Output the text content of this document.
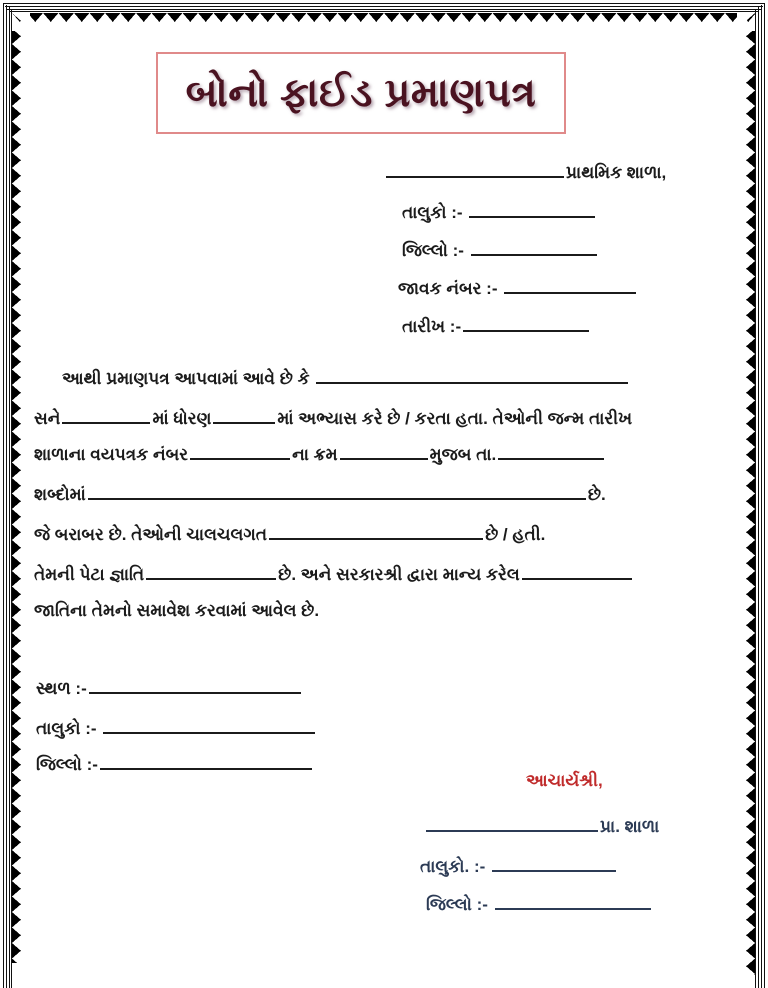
બોનો ફાઈડ પ્રમાણપત્ર
પ્રાથમિક શાળા,
તાલુકો :-
જિલ્લો :-
જાવક નંબર :-
તારીખ :-
આથી પ્રમાણપત્ર આપવામાં આવે છે કે
સને	માં ધોરણ	માં અભ્યાસ કરે છે / કરતા હતા. તેઓની જન્મ તારીખ
શાળાના વયપત્રક નંબર	ના ક્રમ	મુજબ તા.
શબ્દોમાં	છે.
જે બરાબર છે. તેઓની ચાલચલગત	છે / હતી.
તેમની પેટા જ્ઞાતિ	છે. અને સરકારશ્રી દ્વારા માન્ય કરેલ
જાતિના તેમનો સમાવેશ કરવામાં આવેલ છે.
સ્થળ :-
તાલુકો :-
જિલ્લો :-
આચાર્યશ્રી,
પ્રા. શાળા
તાલુકો. :-
જિલ્લો :-
